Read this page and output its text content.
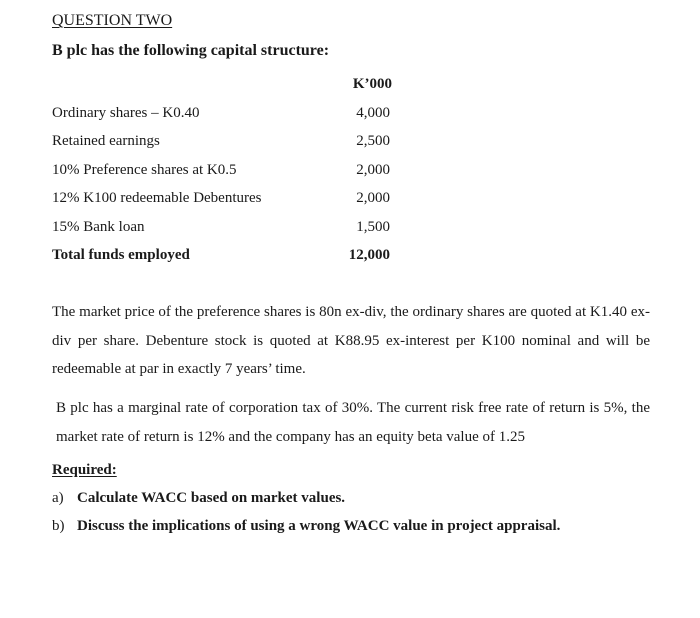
QUESTION TWO
B plc has the following capital structure:
K’000
Ordinary shares – K0.40	4,000
Retained earnings	2,500
10% Preference shares at K0.5	2,000
12% K100 redeemable Debentures	2,000
15% Bank loan	1,500
Total funds employed	12,000

The market price of the preference shares is 80n ex-div, the ordinary shares are quoted at K1.40 ex-div per share. Debenture stock is quoted at K88.95 ex-interest per K100 nominal and will be redeemable at par in exactly 7 years’ time.

B plc has a marginal rate of corporation tax of 30%. The current risk free rate of return is 5%, the market rate of return is 12% and the company has an equity beta value of 1.25

Required:
a) Calculate WACC based on market values.
b) Discuss the implications of using a wrong WACC value in project appraisal.
